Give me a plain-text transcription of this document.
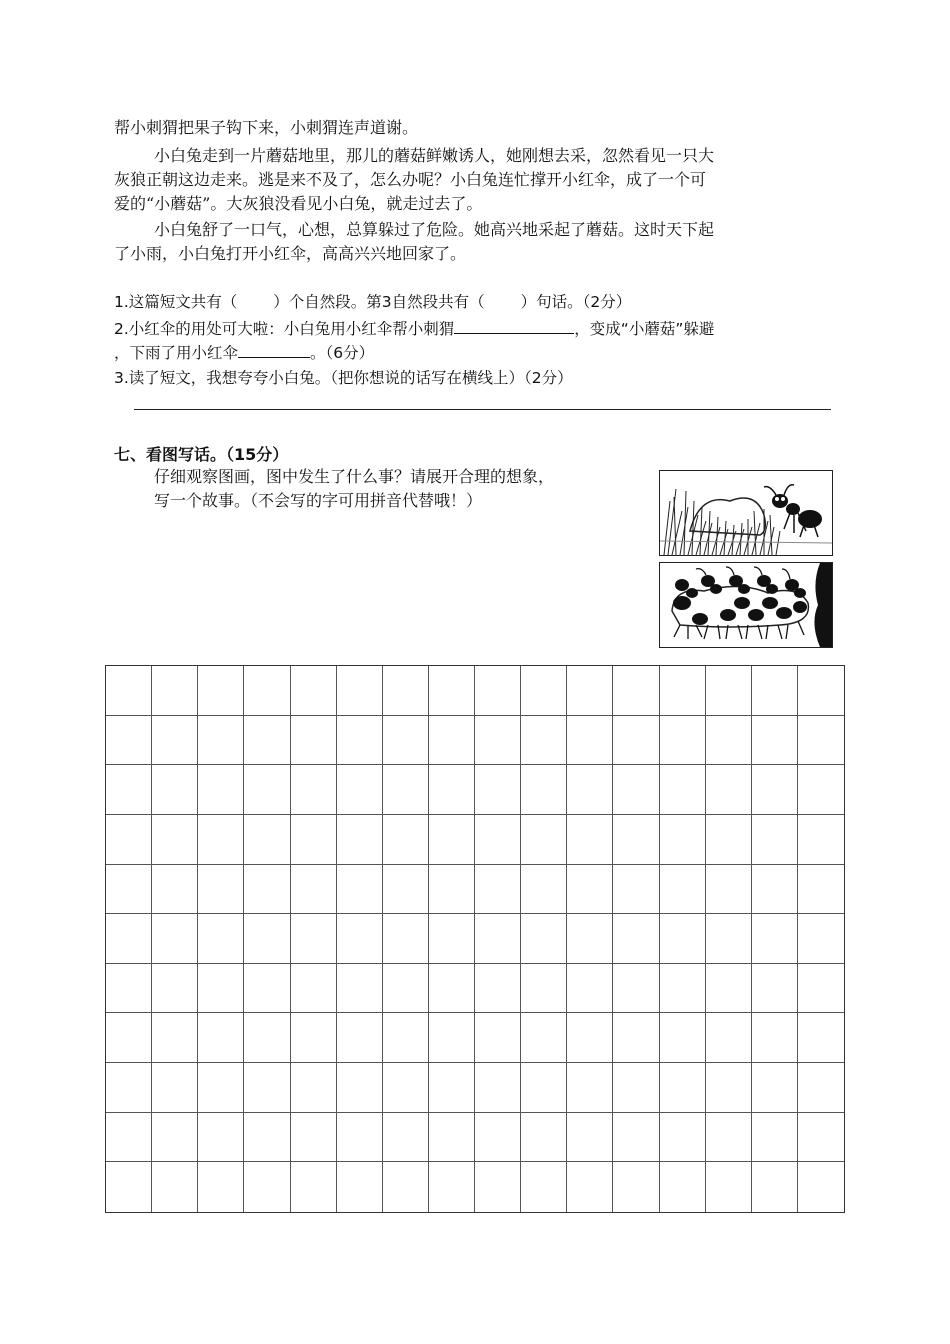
帮小刺猬把果子钩下来，小刺猬连声道谢。
小白兔走到一片蘑菇地里，那儿的蘑菇鲜嫩诱人，她刚想去采，忽然看见一只大
灰狼正朝这边走来。逃是来不及了，怎么办呢？小白兔连忙撑开小红伞，成了一个可
爱的“小蘑菇”。大灰狼没看见小白兔，就走过去了。
小白兔舒了一口气，心想，总算躲过了危险。她高兴地采起了蘑菇。这时天下起
了小雨，小白兔打开小红伞，高高兴兴地回家了。
1.这篇短文共有（ ）个自然段。第3自然段共有（ ）句话。（2分）
2.小红伞的用处可大啦：小白兔用小红伞帮小刺猬	，变成“小蘑菇”躲避
，下雨了用小红伞	。（6分）
3.读了短文，我想夸夸小白兔。（把你想说的话写在横线上）（2分）
七、看图写话。（15分）
仔细观察图画，图中发生了什么事？请展开合理的想象，
写一个故事。（不会写的字可用拼音代替哦！）
